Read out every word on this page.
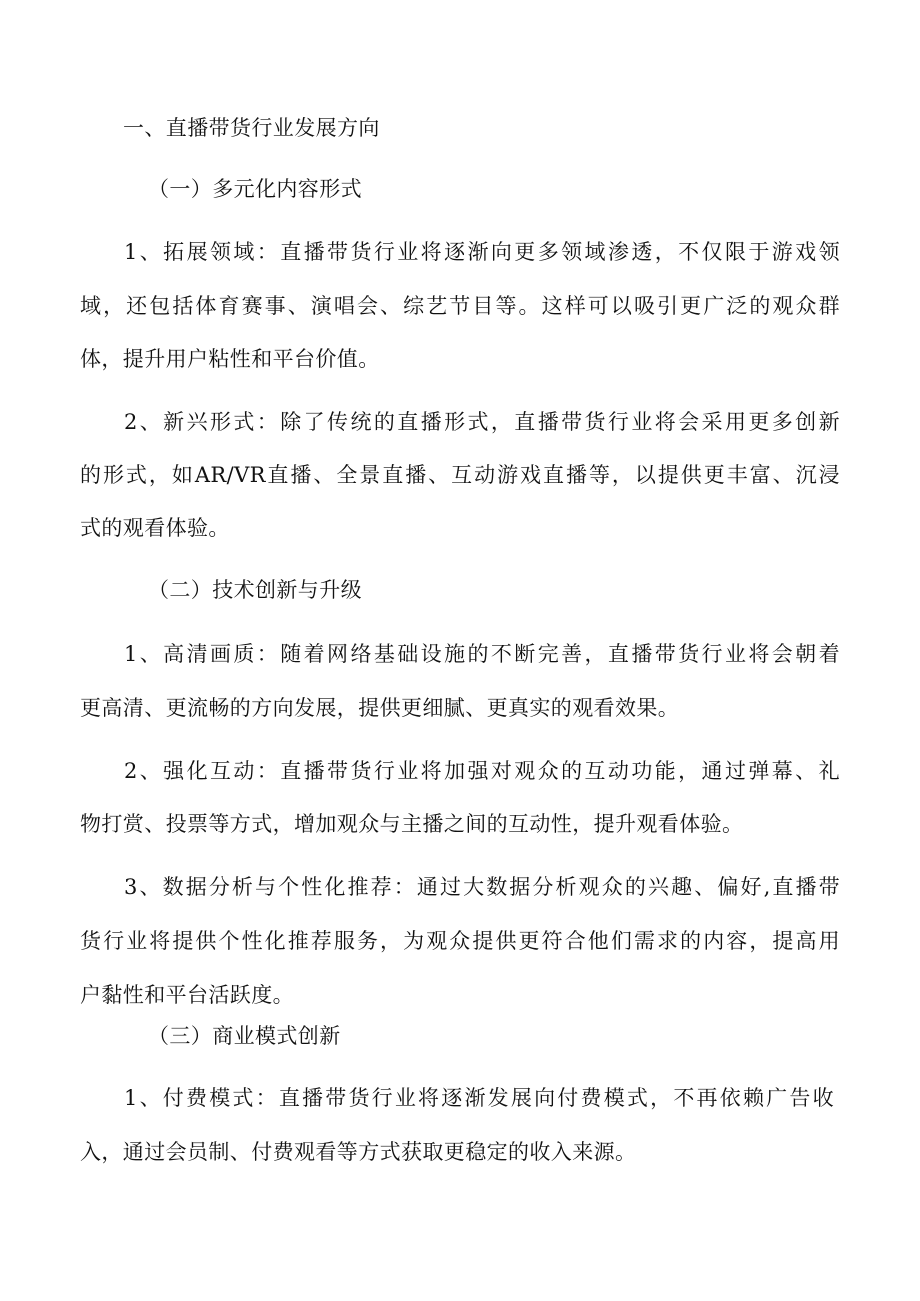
一、直播带货行业发展方向
（一）多元化内容形式
1、拓展领域：直播带货行业将逐渐向更多领域渗透，不仅限于游戏领
域，还包括体育赛事、演唱会、综艺节目等。这样可以吸引更广泛的观众群
体，提升用户粘性和平台价值。
2、新兴形式：除了传统的直播形式，直播带货行业将会采用更多创新
的形式，如AR/VR直播、全景直播、互动游戏直播等，以提供更丰富、沉浸
式的观看体验。
（二）技术创新与升级
1、高清画质：随着网络基础设施的不断完善，直播带货行业将会朝着
更高清、更流畅的方向发展，提供更细腻、更真实的观看效果。
2、强化互动：直播带货行业将加强对观众的互动功能，通过弹幕、礼
物打赏、投票等方式，增加观众与主播之间的互动性，提升观看体验。
3、数据分析与个性化推荐：通过大数据分析观众的兴趣、偏好,直播带
货行业将提供个性化推荐服务，为观众提供更符合他们需求的内容，提高用
户黏性和平台活跃度。
（三）商业模式创新
1、付费模式：直播带货行业将逐渐发展向付费模式，不再依赖广告收
入，通过会员制、付费观看等方式获取更稳定的收入来源。
